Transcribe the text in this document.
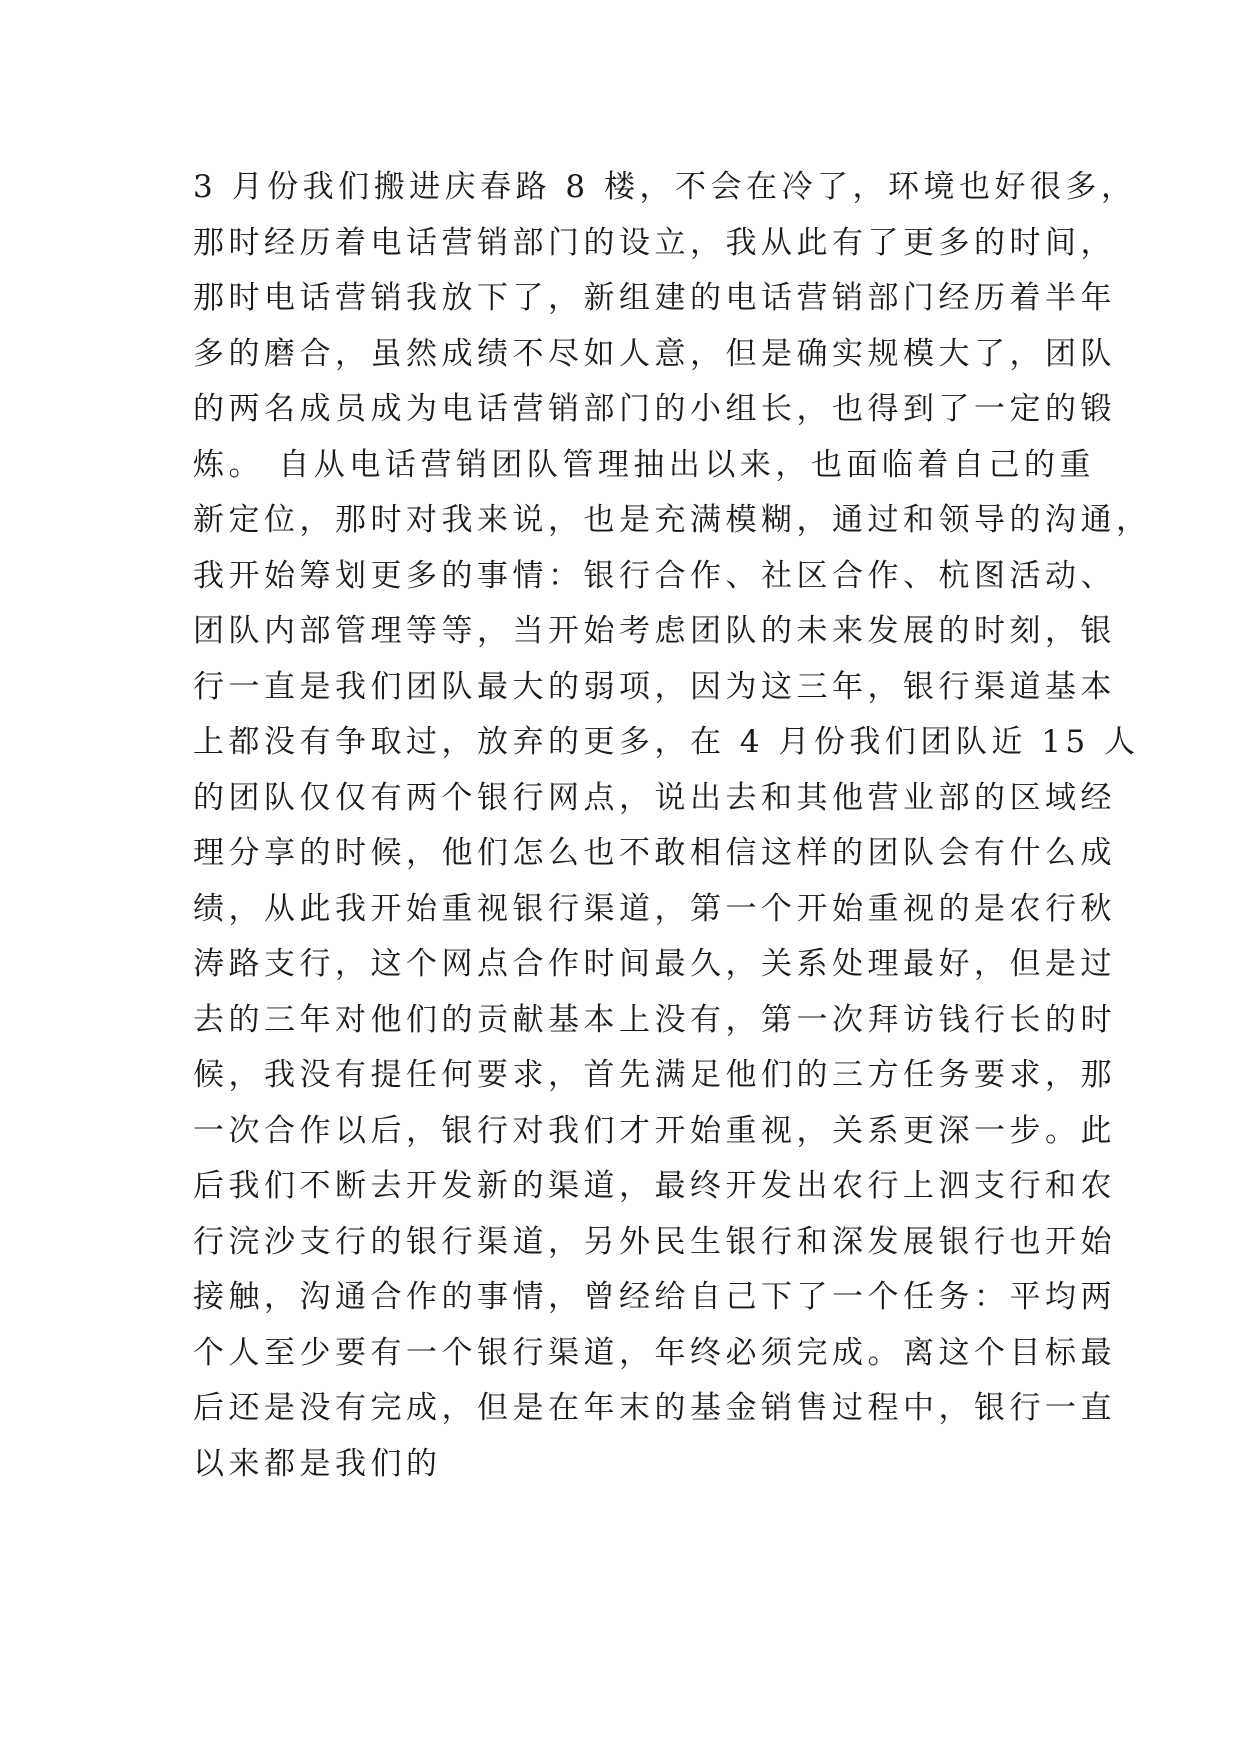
3 月份我们搬进庆春路 8 楼，不会在冷了，环境也好很多，
那时经历着电话营销部门的设立，我从此有了更多的时间，
那时电话营销我放下了，新组建的电话营销部门经历着半年
多的磨合，虽然成绩不尽如人意，但是确实规模大了，团队
的两名成员成为电话营销部门的小组长，也得到了一定的锻
炼。 自从电话营销团队管理抽出以来，也面临着自己的重
新定位，那时对我来说，也是充满模糊，通过和领导的沟通，
我开始筹划更多的事情：银行合作、社区合作、杭图活动、
团队内部管理等等，当开始考虑团队的未来发展的时刻，银
行一直是我们团队最大的弱项，因为这三年，银行渠道基本
上都没有争取过，放弃的更多，在 4 月份我们团队近 15 人
的团队仅仅有两个银行网点，说出去和其他营业部的区域经
理分享的时候，他们怎么也不敢相信这样的团队会有什么成
绩，从此我开始重视银行渠道，第一个开始重视的是农行秋
涛路支行，这个网点合作时间最久，关系处理最好，但是过
去的三年对他们的贡献基本上没有，第一次拜访钱行长的时
候，我没有提任何要求，首先满足他们的三方任务要求，那
一次合作以后，银行对我们才开始重视，关系更深一步。此
后我们不断去开发新的渠道，最终开发出农行上泗支行和农
行浣沙支行的银行渠道，另外民生银行和深发展银行也开始
接触，沟通合作的事情，曾经给自己下了一个任务：平均两
个人至少要有一个银行渠道，年终必须完成。离这个目标最
后还是没有完成，但是在年末的基金销售过程中，银行一直
以来都是我们的
